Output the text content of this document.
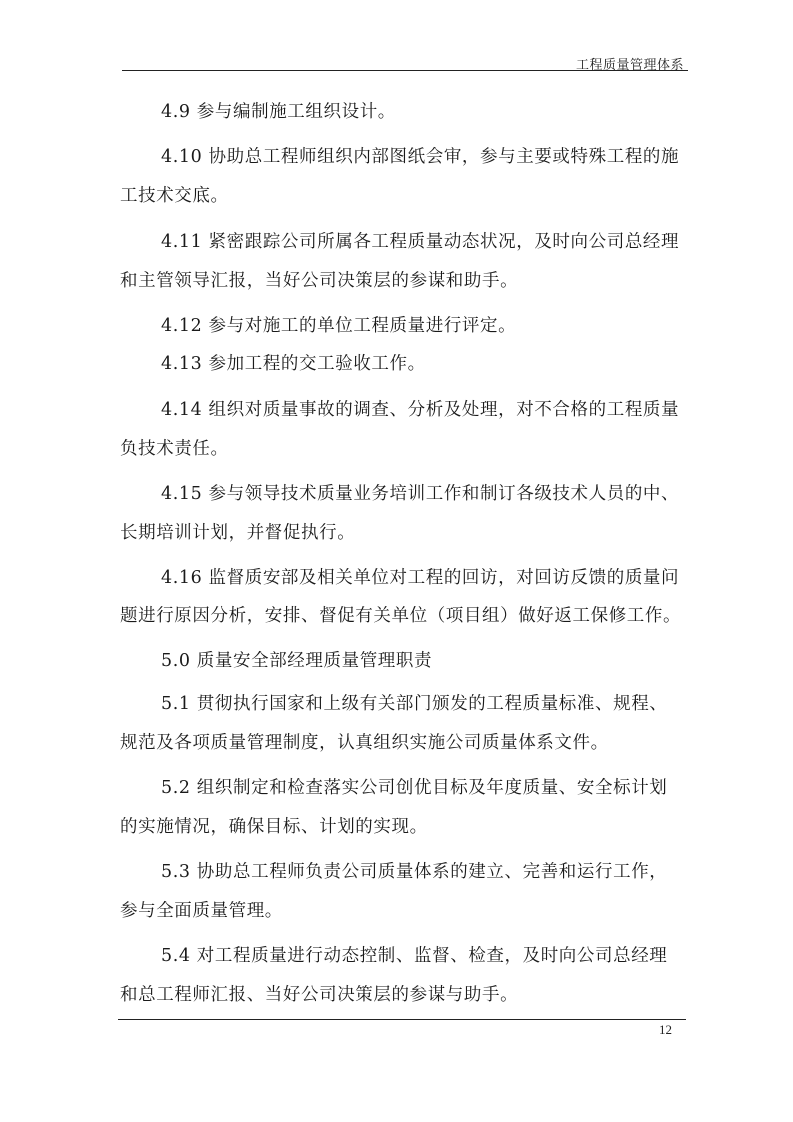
工程质量管理体系
4.9 参与编制施工组织设计。
4.10 协助总工程师组织内部图纸会审，参与主要或特殊工程的施
工技术交底。
4.11 紧密跟踪公司所属各工程质量动态状况，及时向公司总经理
和主管领导汇报，当好公司决策层的参谋和助手。
4.12 参与对施工的单位工程质量进行评定。
4.13 参加工程的交工验收工作。
4.14 组织对质量事故的调查、分析及处理，对不合格的工程质量
负技术责任。
4.15 参与领导技术质量业务培训工作和制订各级技术人员的中、
长期培训计划，并督促执行。
4.16 监督质安部及相关单位对工程的回访，对回访反馈的质量问
题进行原因分析，安排、督促有关单位（项目组）做好返工保修工作。
5.0 质量安全部经理质量管理职责
5.1 贯彻执行国家和上级有关部门颁发的工程质量标准、规程、
规范及各项质量管理制度，认真组织实施公司质量体系文件。
5.2 组织制定和检查落实公司创优目标及年度质量、安全标计划
的实施情况，确保目标、计划的实现。
5.3 协助总工程师负责公司质量体系的建立、完善和运行工作，
参与全面质量管理。
5.4 对工程质量进行动态控制、监督、检查，及时向公司总经理
和总工程师汇报、当好公司决策层的参谋与助手。
12
